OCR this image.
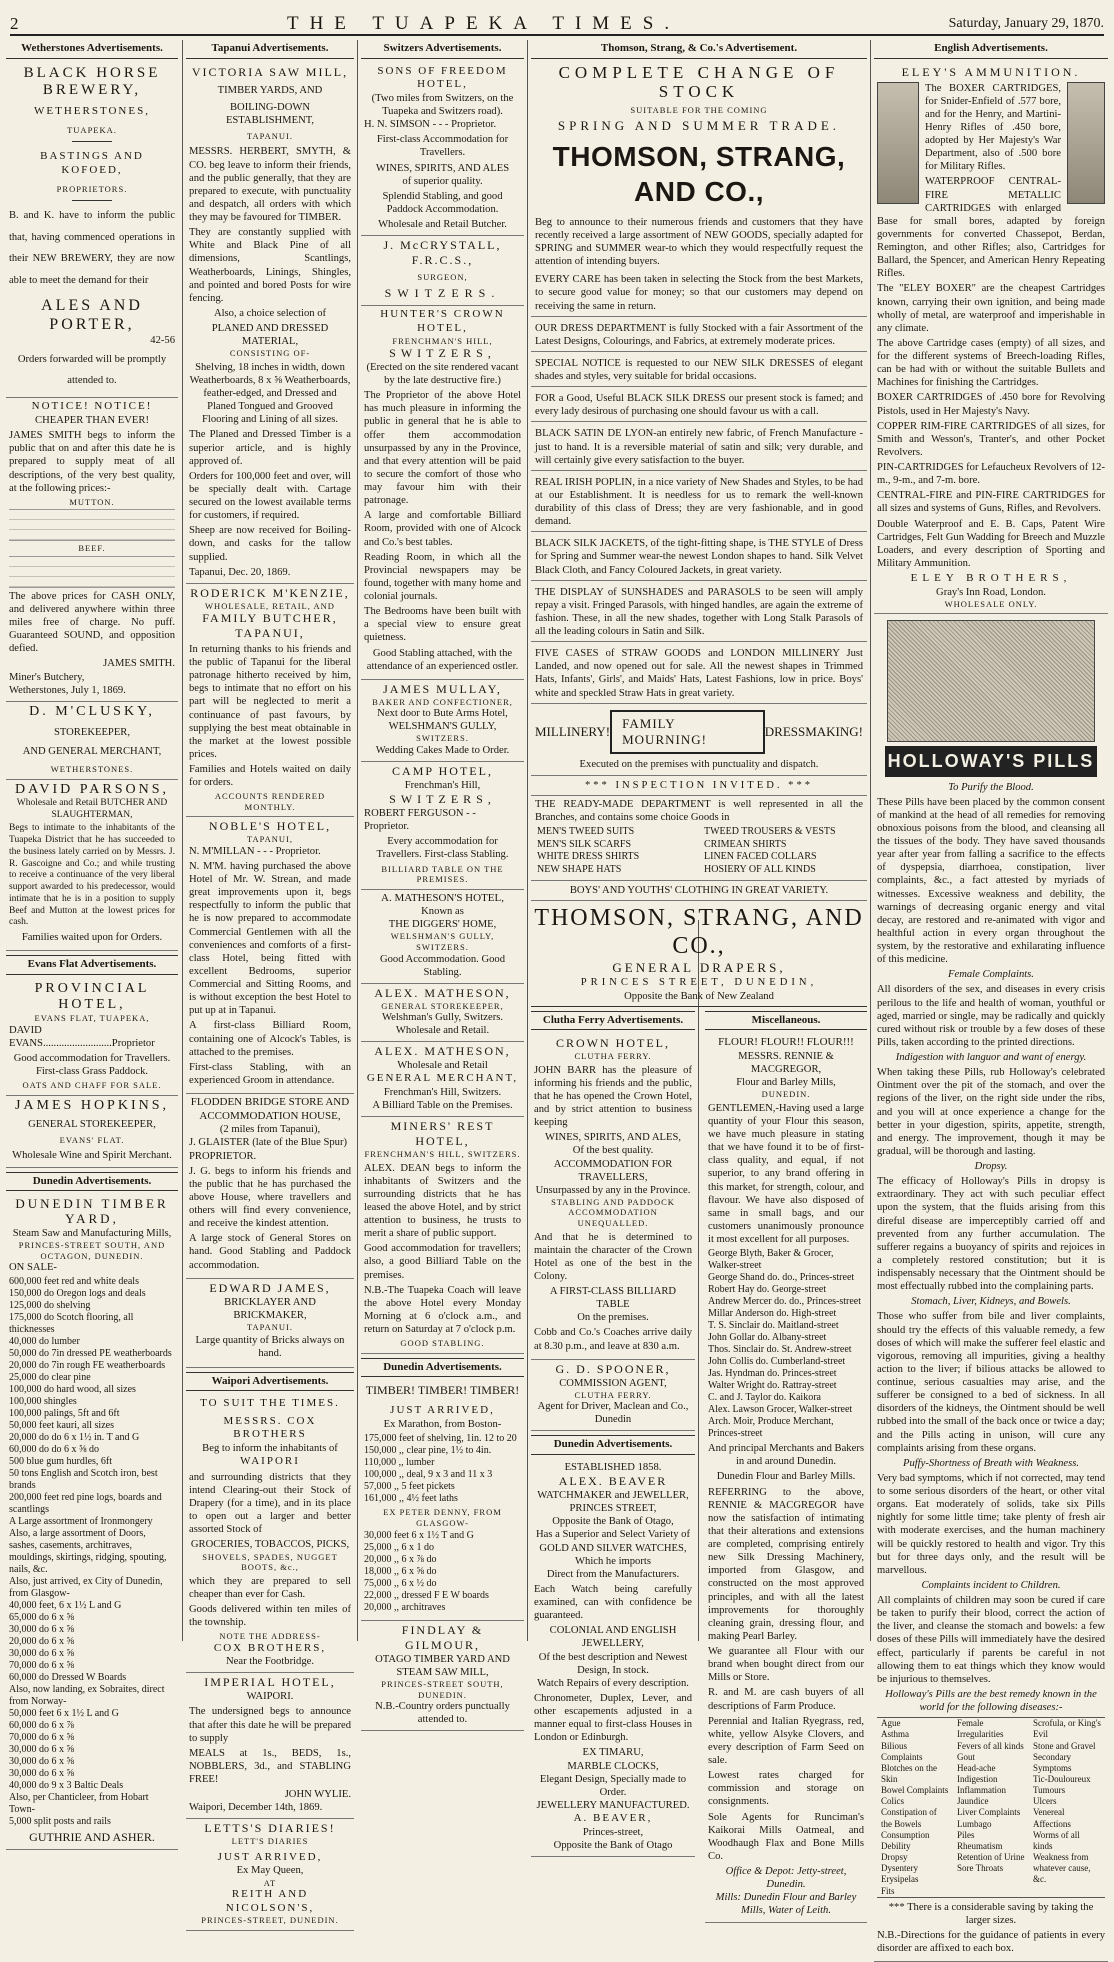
2	THE TUAPEKA TIMES.	Saturday, January 29, 1870.
Wetherstones Advertisements.
BLACK HORSE BREWERY,
WETHERSTONES,
TUAPEKA.
BASTINGS AND KOFOED,
PROPRIETORS.

B. and K. have to inform the public that, having commenced operations in their NEW BREWERY, they are now able to meet the demand for their

ALES AND PORTER,
42-56

Orders forwarded will be promptly attended to.

NOTICE! NOTICE!
CHEAPER THAN EVER!

JAMES SMITH begs to inform the public that on and after this date he is prepared to supply meat of all descriptions, of the very best quality, at the following prices:-

MUTTON.
BEEF.

The above prices for CASH ONLY, and delivered anywhere within three miles free of charge. No puff. Guaranteed SOUND, and opposition defied.

JAMES SMITH.
Miner's Butchery,
Wetherstones, July 1, 1869.
D. M'CLUSKY,
STOREKEEPER,
AND GENERAL MERCHANT,
WETHERSTONES.
DAVID PARSONS,
Wholesale and Retail BUTCHER AND SLAUGHTERMAN,

Begs to intimate to the inhabitants of the Tuapeka District that he has succeeded to the business lately carried on by Messrs. J. R. Gascoigne and Co.; and while trusting to receive a continuance of the very liberal support awarded to his predecessor, would intimate that he is in a position to supply Beef and Mutton at the lowest prices for cash.

Families waited upon for Orders.

Evans Flat Advertisements.
PROVINCIAL HOTEL,
EVANS FLAT, TUAPEKA,
DAVID EVANS..........................Proprietor

Good accommodation for Travellers. First-class Grass Paddock.

OATS AND CHAFF FOR SALE.
JAMES HOPKINS,
GENERAL STOREKEEPER,
EVANS' FLAT.
Wholesale Wine and Spirit Merchant.
Dunedin Advertisements.
DUNEDIN TIMBER YARD,
Steam Saw and Manufacturing Mills,
PRINCES-STREET SOUTH, AND OCTAGON, DUNEDIN.
ON SALE-
600,000 feet red and white deals
150,000 do Oregon logs and deals
125,000 do shelving
175,000 do Scotch flooring, all thicknesses
40,000 do lumber
50,000 do 7in dressed PE weatherboards
20,000 do 7in rough FE weatherboards
25,000 do clear pine
100,000 do hard wood, all sizes
100,000 shingles
100,000 palings, 5ft and 6ft
50,000 feet kauri, all sizes
20,000 do do 6 x 1½ in. T and G
60,000 do do 6 x ⅝ do
500 blue gum hurdles, 6ft
50 tons English and Scotch iron, best brands
200,000 feet red pine logs, boards and scantlings
A Large assortment of Ironmongery
Also, a large assortment of Doors, sashes, casements, architraves, mouldings, skirtings, ridging, spouting, nails, &c.
Also, just arrived, ex City of Dunedin, from Glasgow-
40,000 feet, 6 x 1½ L and G
65,000 do 6 x ⅝
30,000 do 6 x ⅝
20,000 do 6 x ⅝
30,000 do 6 x ⅝
70,000 do 6 x ⅝
60,000 do Dressed W Boards
Also, now landing, ex Sobraites, direct from Norway-
50,000 feet 6 x 1½ L and G
60,000 do 6 x ⅞
70,000 do 6 x ⅝
30,000 do 6 x ⅝
30,000 do 6 x ⅝
30,000 do 6 x ⅝
40,000 do 9 x 3 Baltic Deals
Also, per Chanticleer, from Hobart Town-
5,000 split posts and rails
GUTHRIE AND ASHER.
Tapanui Advertisements.
VICTORIA SAW MILL,
TIMBER YARDS, AND
BOILING-DOWN ESTABLISHMENT,
TAPANUI.

MESSRS. HERBERT, SMYTH, & CO. beg leave to inform their friends, and the public generally, that they are prepared to execute, with punctuality and despatch, all orders with which they may be favoured for TIMBER.

They are constantly supplied with White and Black Pine of all dimensions, Scantlings, Weatherboards, Linings, Shingles, and pointed and bored Posts for wire fencing.

Also, a choice selection of

PLANED AND DRESSED MATERIAL,
CONSISTING OF-

Shelving, 18 inches in width, down Weatherboards, 8 x ⅝ Weatherboards, feather-edged, and Dressed and Planed Tongued and Grooved Flooring and Lining of all sizes.

The Planed and Dressed Timber is a superior article, and is highly approved of.

Orders for 100,000 feet and over, will be specially dealt with. Cartage secured on the lowest available terms for customers, if required.

Sheep are now received for Boiling-down, and casks for the tallow supplied.

Tapanui, Dec. 20, 1869.
RODERICK M'KENZIE,
WHOLESALE, RETAIL, AND
FAMILY BUTCHER,
TAPANUI,

In returning thanks to his friends and the public of Tapanui for the liberal patronage hitherto received by him, begs to intimate that no effort on his part will be neglected to merit a continuance of past favours, by supplying the best meat obtainable in the market at the lowest possible prices.

Families and Hotels waited on daily for orders.

ACCOUNTS RENDERED MONTHLY.
NOBLE'S HOTEL,
TAPANUI,
N. M'MILLAN - - - Proprietor.

N. M'M. having purchased the above Hotel of Mr. W. Strean, and made great improvements upon it, begs respectfully to inform the public that he is now prepared to accommodate Commercial Gentlemen with all the conveniences and comforts of a first-class Hotel, being fitted with excellent Bedrooms, superior Commercial and Sitting Rooms, and is without exception the best Hotel to put up at in Tapanui.

A first-class Billiard Room, containing one of Alcock's Tables, is attached to the premises.

First-class Stabling, with an experienced Groom in attendance.

FLODDEN BRIDGE STORE AND ACCOMMODATION HOUSE,
(2 miles from Tapanui),
J. GLAISTER (late of the Blue Spur) PROPRIETOR.

J. G. begs to inform his friends and the public that he has purchased the above House, where travellers and others will find every convenience, and receive the kindest attention.

A large stock of General Stores on hand. Good Stabling and Paddock accommodation.

EDWARD JAMES,
BRICKLAYER AND BRICKMAKER,
TAPANUI.

Large quantity of Bricks always on hand.

Waipori Advertisements.
TO SUIT THE TIMES.
MESSRS. COX BROTHERS
Beg to inform the inhabitants of
WAIPORI

and surrounding districts that they intend Clearing-out their Stock of Drapery (for a time), and in its place to open out a larger and better assorted Stock of

GROCERIES, TOBACCOS, PICKS,
SHOVELS, SPADES, NUGGET BOOTS, &c.,

which they are prepared to sell cheaper than ever for Cash.

Goods delivered within ten miles of the township.

NOTE THE ADDRESS-
COX BROTHERS,
Near the Footbridge.
IMPERIAL HOTEL,
WAIPORI.

The undersigned begs to announce that after this date he will be prepared to supply

MEALS at 1s., BEDS, 1s., NOBBLERS, 3d., and STABLING FREE!

JOHN WYLIE.
Waipori, December 14th, 1869.
LETTS'S DIARIES!
LETT'S DIARIES
JUST ARRIVED,
Ex May Queen,
AT
REITH AND NICOLSON'S,
PRINCES-STREET, DUNEDIN.
Switzers Advertisements.
SONS OF FREEDOM HOTEL,
(Two miles from Switzers, on the Tuapeka and Switzers road).
H. N. SIMSON - - - Proprietor.

First-class Accommodation for Travellers.

WINES, SPIRITS, AND ALES
of superior quality.

Splendid Stabling, and good Paddock Accommodation.

Wholesale and Retail Butcher.
J. McCRYSTALL, F.R.C.S.,
SURGEON,
SWITZERS.
HUNTER'S CROWN HOTEL,
FRENCHMAN'S HILL,
SWITZERS,
(Erected on the site rendered vacant by the late destructive fire.)

The Proprietor of the above Hotel has much pleasure in informing the public in general that he is able to offer them accommodation unsurpassed by any in the Province, and that every attention will be paid to secure the comfort of those who may favour him with their patronage.

A large and comfortable Billiard Room, provided with one of Alcock and Co.'s best tables.

Reading Room, in which all the Provincial newspapers may be found, together with many home and colonial journals.

The Bedrooms have been built with a special view to ensure great quietness.

Good Stabling attached, with the attendance of an experienced ostler.

JAMES MULLAY,
BAKER AND CONFECTIONER,
Next door to Bute Arms Hotel,
WELSHMAN'S GULLY,
SWITZERS.
Wedding Cakes Made to Order.
CAMP HOTEL,
Frenchman's Hill,
SWITZERS,
ROBERT FERGUSON - - Proprietor.

Every accommodation for Travellers. First-class Stabling.

BILLIARD TABLE ON THE PREMISES.
A. MATHESON'S HOTEL,
Known as
THE DIGGERS' HOME,
WELSHMAN'S GULLY, SWITZERS.
Good Accommodation. Good Stabling.
ALEX. MATHESON,
GENERAL STOREKEEPER,
Welshman's Gully, Switzers.
Wholesale and Retail.
ALEX. MATHESON,
Wholesale and Retail
GENERAL MERCHANT,
Frenchman's Hill, Switzers.
A Billiard Table on the Premises.
MINERS' REST HOTEL,
FRENCHMAN'S HILL, SWITZERS.

ALEX. DEAN begs to inform the inhabitants of Switzers and the surrounding districts that he has leased the above Hotel, and by strict attention to business, he trusts to merit a share of public support.

Good accommodation for travellers; also, a good Billiard Table on the premises.

N.B.-The Tuapeka Coach will leave the above Hotel every Monday Morning at 6 o'clock a.m., and return on Saturday at 7 o'clock p.m.

GOOD STABLING.
Dunedin Advertisements.
TIMBER! TIMBER! TIMBER!
JUST ARRIVED,
Ex Marathon, from Boston-
175,000 feet of shelving, 1in. 12 to 20
150,000 ,, clear pine, 1½ to 4in.
110,000 ,, lumber
100,000 ,, deal, 9 x 3 and 11 x 3
57,000 ,, 5 feet pickets
161,000 ,, 4½ feet laths
EX PETER DENNY, FROM GLASGOW-
30,000 feet 6 x 1½ T and G
25,000 ,, 6 x 1 do
20,000 ,, 6 x ⅞ do
18,000 ,, 6 x ⅝ do
75,000 ,, 6 x ½ do
22,000 ,, dressed F E W boards
20,000 ,, architraves
FINDLAY & GILMOUR,
OTAGO TIMBER YARD AND
STEAM SAW MILL,
PRINCES-STREET SOUTH, DUNEDIN.
N.B.-Country orders punctually attended to.
Thomson, Strang, & Co.'s Advertisement.
COMPLETE CHANGE OF STOCK
SUITABLE FOR THE COMING
SPRING AND SUMMER TRADE.
THOMSON, STRANG, AND CO.,

Beg to announce to their numerous friends and customers that they have recently received a large assortment of NEW GOODS, specially adapted for SPRING and SUMMER wear-to which they would respectfully request the attention of intending buyers.

EVERY CARE has been taken in selecting the Stock from the best Markets, to secure good value for money; so that our customers may depend on receiving the same in return.

OUR DRESS DEPARTMENT is fully Stocked with a fair Assortment of the Latest Designs, Colourings, and Fabrics, at extremely moderate prices.

SPECIAL NOTICE is requested to our NEW SILK DRESSES of elegant shades and styles, very suitable for bridal occasions.

FOR a Good, Useful BLACK SILK DRESS our present stock is famed; and every lady desirous of purchasing one should favour us with a call.

BLACK SATIN DE LYON-an entirely new fabric, of French Manufacture -just to hand. It is a reversible material of satin and silk; very durable, and will certainly give every satisfaction to the buyer.

REAL IRISH POPLIN, in a nice variety of New Shades and Styles, to be had at our Establishment. It is needless for us to remark the well-known durability of this class of Dress; they are very fashionable, and in good demand.

BLACK SILK JACKETS, of the tight-fitting shape, is THE STYLE of Dress for Spring and Summer wear-the newest London shapes to hand. Silk Velvet Black Cloth, and Fancy Coloured Jackets, in great variety.

THE DISPLAY of SUNSHADES and PARASOLS to be seen will amply repay a visit. Fringed Parasols, with hinged handles, are again the extreme of fashion. These, in all the new shades, together with Long Stalk Parasols of all the leading colours in Satin and Silk.

FIVE CASES of STRAW GOODS and LONDON MILLINERY Just Landed, and now opened out for sale. All the newest shapes in Trimmed Hats, Infants', Girls', and Maids' Hats, Latest Fashions, low in price. Boys' white and speckled Straw Hats in great variety.

MILLINERY!
FAMILY MOURNING!
DRESSMAKING!
Executed on the premises with punctuality and dispatch.
*** INSPECTION INVITED. ***

THE READY-MADE DEPARTMENT is well represented in all the Branches, and contains some choice Goods in

MEN'S TWEED SUITS
MEN'S SILK SCARFS
WHITE DRESS SHIRTS
NEW SHAPE HATS
TWEED TROUSERS & VESTS
CRIMEAN SHIRTS
LINEN FACED COLLARS
HOSIERY OF ALL KINDS
BOYS' AND YOUTHS' CLOTHING IN GREAT VARIETY.
THOMSON, STRANG, AND CO.,
GENERAL DRAPERS,
PRINCES STREET, DUNEDIN,
Opposite the Bank of New Zealand
Clutha Ferry Advertisements.
CROWN HOTEL,
CLUTHA FERRY.

JOHN BARR has the pleasure of informing his friends and the public, that he has opened the Crown Hotel, and by strict attention to business keeping

WINES, SPIRITS, AND ALES,
Of the best quality.
ACCOMMODATION FOR TRAVELLERS,
Unsurpassed by any in the Province.
STABLING AND PADDOCK ACCOMMODATION UNEQUALLED.

And that he is determined to maintain the character of the Crown Hotel as one of the best in the Colony.

A FIRST-CLASS BILLIARD TABLE
On the premises.

Cobb and Co.'s Coaches arrive daily at 8.30 p.m., and leave at 830 a.m.

G. D. SPOONER,
COMMISSION AGENT,
CLUTHA FERRY.
Agent for Driver, Maclean and Co., Dunedin
Dunedin Advertisements.
ESTABLISHED 1858.
ALEX. BEAVER
WATCHMAKER and JEWELLER,
PRINCES STREET,
Opposite the Bank of Otago,
Has a Superior and Select Variety of
GOLD AND SILVER WATCHES,
Which he imports
Direct from the Manufacturers.

Each Watch being carefully examined, can with confidence be guaranteed.

COLONIAL AND ENGLISH JEWELLERY,
Of the best description and Newest Design, In stock.
Watch Repairs of every description.

Chronometer, Duplex, Lever, and other escapements adjusted in a manner equal to first-class Houses in London or Edinburgh.

EX TIMARU,
MARBLE CLOCKS,
Elegant Design, Specially made to Order.
JEWELLERY MANUFACTURED.
A. BEAVER,
Princes-street,
Opposite the Bank of Otago
Miscellaneous.
FLOUR! FLOUR!! FLOUR!!!
MESSRS. RENNIE & MACGREGOR,
Flour and Barley Mills,
DUNEDIN.

GENTLEMEN,-Having used a large quantity of your Flour this season, we have much pleasure in stating that we have found it to be of first-class quality, and equal, if not superior, to any brand offering in this market, for strength, colour, and flavour. We have also disposed of same in small bags, and our customers unanimously pronounce it most excellent for all purposes.

George Blyth, Baker & Grocer, Walker-street
George Shand do. do., Princes-street
Robert Hay do. George-street
Andrew Mercer do. do., Princes-street
Millar Anderson do. High-street
T. S. Sinclair do. Maitland-street
John Gollar do. Albany-street
Thos. Sinclair do. St. Andrew-street
John Collis do. Cumberland-street
Jas. Hyndman do. Princes-street
Walter Wright do. Rattray-street
C. and J. Taylor do. Kaikora
Alex. Lawson Grocer, Walker-street
Arch. Moir, Produce Merchant, Princes-street

And principal Merchants and Bakers in and around Dunedin.

Dunedin Flour and Barley Mills.

REFERRING to the above, RENNIE & MACGREGOR have now the satisfaction of intimating that their alterations and extensions are completed, comprising entirely new Silk Dressing Machinery, imported from Glasgow, and constructed on the most approved principles, and with all the latest improvements for thoroughly cleaning grain, dressing flour, and making Pearl Barley.

We guarantee all Flour with our brand when bought direct from our Mills or Store.

R. and M. are cash buyers of all descriptions of Farm Produce.

Perennial and Italian Ryegrass, red, white, yellow Alsyke Clovers, and every description of Farm Seed on sale.

Lowest rates charged for commission and storage on consignments.

Sole Agents for Runciman's Kaikorai Mills Oatmeal, and Woodhaugh Flax and Bone Mills Co.

Office & Depot: Jetty-street, Dunedin.
Mills: Dunedin Flour and Barley Mills, Water of Leith.
English Advertisements.
ELEY'S AMMUNITION.

The BOXER CARTRIDGES, for Snider-Enfield of .577 bore, and for the Henry, and Martini-Henry Rifles of .450 bore, adopted by Her Majesty's War Department, also of .500 bore for Military Rifles.

WATERPROOF CENTRAL-FIRE METALLIC CARTRIDGES with enlarged Base for small bores, adapted by foreign governments for converted Chassepot, Berdan, Remington, and other Rifles; also, Cartridges for Ballard, the Spencer, and American Henry Repeating Rifles.

The "ELEY BOXER" are the cheapest Cartridges known, carrying their own ignition, and being made wholly of metal, are waterproof and imperishable in any climate.

The above Cartridge cases (empty) of all sizes, and for the different systems of Breech-loading Rifles, can be had with or without the suitable Bullets and Machines for finishing the Cartridges.

BOXER CARTRIDGES of .450 bore for Revolving Pistols, used in Her Majesty's Navy.

COPPER RIM-FIRE CARTRIDGES of all sizes, for Smith and Wesson's, Tranter's, and other Pocket Revolvers.

PIN-CARTRIDGES for Lefaucheux Revolvers of 12-m., 9-m., and 7-m. bore.

CENTRAL-FIRE and PIN-FIRE CARTRIDGES for all sizes and systems of Guns, Rifles, and Revolvers.

Double Waterproof and E. B. Caps, Patent Wire Cartridges, Felt Gun Wadding for Breech and Muzzle Loaders, and every description of Sporting and Military Ammunition.

ELEY BROTHERS,
Gray's Inn Road, London.
WHOLESALE ONLY.
HOLLOWAY'S PILLS
To Purify the Blood.

These Pills have been placed by the common consent of mankind at the head of all remedies for removing obnoxious poisons from the blood, and cleansing all the tissues of the body. They have saved thousands year after year from falling a sacrifice to the effects of dyspepsia, diarrhoea, constipation, liver complaints, &c., a fact attested by myriads of witnesses. Excessive weakness and debility, the warnings of decreasing organic energy and vital decay, are restored and re-animated with vigor and healthful action in every organ throughout the system, by the restorative and exhilarating influence of this medicine.

Female Complaints.

All disorders of the sex, and diseases in every crisis perilous to the life and health of woman, youthful or aged, married or single, may be radically and quickly cured without risk or trouble by a few doses of these Pills, taken according to the printed directions.

Indigestion with languor and want of energy.

When taking these Pills, rub Holloway's celebrated Ointment over the pit of the stomach, and over the regions of the liver, on the right side under the ribs, and you will at once experience a change for the better in your digestion, spirits, appetite, strength, and energy. The improvement, though it may be gradual, will be thorough and lasting.

Dropsy.

The efficacy of Holloway's Pills in dropsy is extraordinary. They act with such peculiar effect upon the system, that the fluids arising from this direful disease are imperceptibly carried off and prevented from any further accumulation. The sufferer regains a buoyancy of spirits and rejoices in a completely restored constitution; but it is indispensably necessary that the Ointment should be most effectually rubbed into the complaining parts.

Stomach, Liver, Kidneys, and Bowels.

Those who suffer from bile and liver complaints, should try the effects of this valuable remedy, a few doses of which will make the sufferer feel elastic and vigorous, removing all impurities, giving a healthy action to the liver; if bilious attacks be allowed to continue, serious casualties may arise, and the sufferer be consigned to a bed of sickness. In all disorders of the kidneys, the Ointment should be well rubbed into the small of the back once or twice a day; and the Pills acting in unison, will cure any complaints arising from these organs.

Puffy-Shortness of Breath with Weakness.

Very bad symptoms, which if not corrected, may tend to some serious disorders of the heart, or other vital organs. Eat moderately of solids, take six Pills nightly for some little time; take plenty of fresh air with moderate exercises, and the human machinery will be quickly restored to health and vigor. Try this but for three days only, and the result will be marvellous.

Complaints incident to Children.

All complaints of children may soon be cured if care be taken to purify their blood, correct the action of the liver, and cleanse the stomach and bowels: a few doses of these Pills will immediately have the desired effect, particularly if parents be careful in not allowing them to eat things which they know would be injurious to themselves.

Holloway's Pills are the best remedy known in the world for the following diseases:-
Ague
Asthma
Bilious Complaints
Blotches on the Skin
Bowel Complaints
Colics
Constipation of the Bowels
Consumption
Debility
Dropsy
Dysentery
Erysipelas
Fits
Female Irregularities
Fevers of all kinds
Gout
Head-ache
Indigestion
Inflammation
Jaundice
Liver Complaints
Lumbago
Piles
Rheumatism
Retention of Urine
Sore Throats
Scrofula, or King's Evil
Stone and Gravel
Secondary Symptoms
Tic-Douloureux
Tumours
Ulcers
Venereal Affections
Worms of all kinds
Weakness from whatever cause, &c.

*** There is a considerable saving by taking the larger sizes.

N.B.-Directions for the guidance of patients in every disorder are affixed to each box.
